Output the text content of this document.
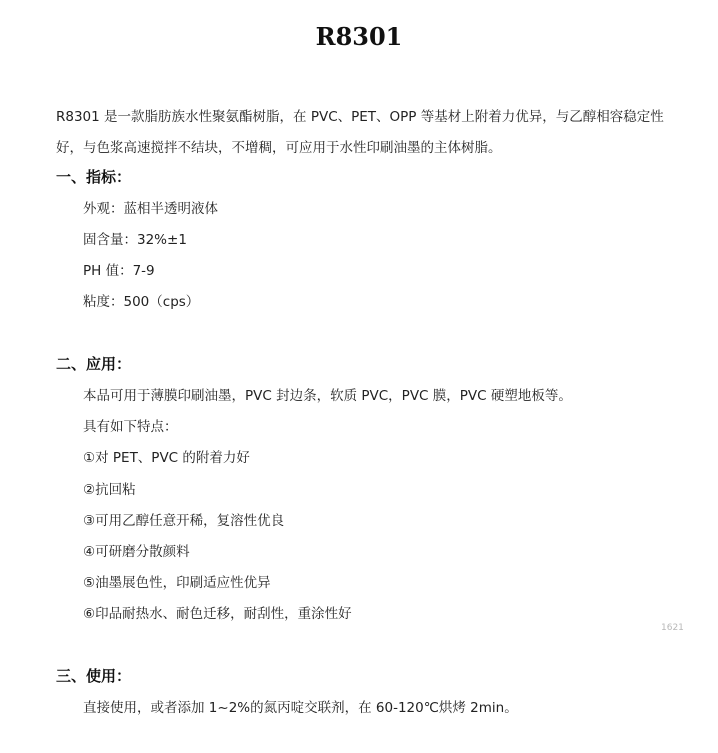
R8301

R8301 是一款脂肪族水性聚氨酯树脂，在 PVC、PET、OPP 等基材上附着力优异，与乙醇相容稳定性

好，与色浆高速搅拌不结块，不增稠，可应用于水性印刷油墨的主体树脂。

一、指标：
外观：蓝相半透明液体
固含量：32%±1
PH 值：7-9
粘度：500（cps）
二、应用：
本品可用于薄膜印刷油墨，PVC 封边条，软质 PVC，PVC 膜，PVC 硬塑地板等。
具有如下特点：
①对 PET、PVC 的附着力好
②抗回粘
③可用乙醇任意开稀，复溶性优良
④可研磨分散颜料
⑤油墨展色性，印刷适应性优异
⑥印品耐热水、耐色迁移，耐刮性，重涂性好
1621
三、使用：
直接使用，或者添加 1~2%的氮丙啶交联剂，在 60-120℃烘烤 2min。
